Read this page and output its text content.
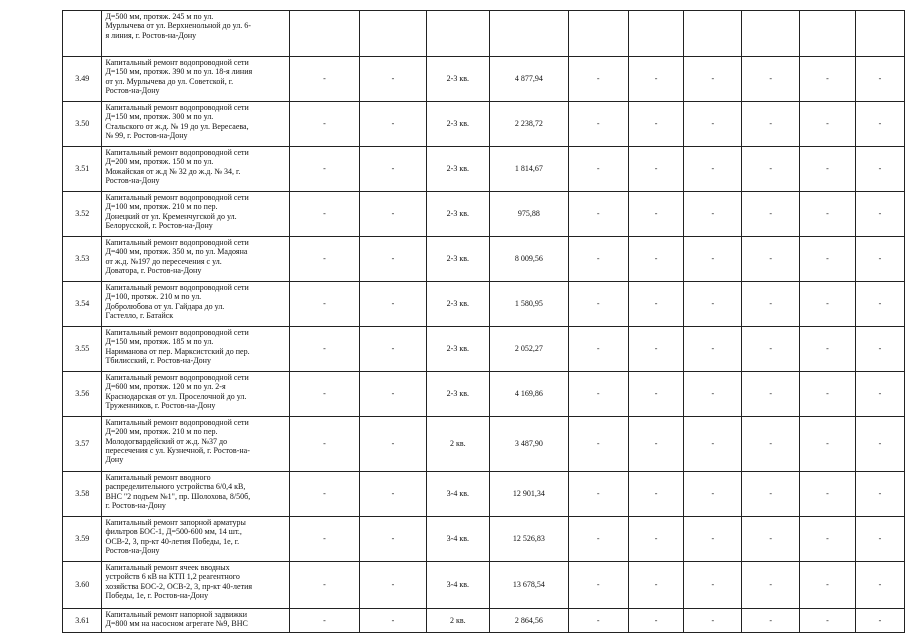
	Д=500 мм, протяж. 245 м по ул.
Мурлычева от ул. Верхненольной до ул. 6-
я линия, г. Ростов-на-Дону										

3.49	Капитальный ремонт водопроводной сети
Д=150 мм, протяж. 390 м по ул. 18-я линия
от ул. Мурлычева до ул. Советской, г.
Ростов-на-Дону	-	-	2-3 кв.	4 877,94	-	-	-	-	-	-
3.50	Капитальный ремонт водопроводной сети
Д=150 мм, протяж. 300 м по ул.
Стальского от ж.д. № 19 до ул. Вересаева,
№ 99, г. Ростов-на-Дону	-	-	2-3 кв.	2 238,72	-	-	-	-	-	-
3.51	Капитальный ремонт водопроводной сети
Д=200 мм, протяж. 150 м по ул.
Можайская от ж.д № 32 до ж.д. № 34, г.
Ростов-на-Дону	-	-	2-3 кв.	1 814,67	-	-	-	-	-	-
3.52	Капитальный ремонт водопроводной сети
Д=100 мм, протяж. 210 м по пер.
Донецкий от ул. Кременчугской до ул.
Белорусской, г. Ростов-на-Дону	-	-	2-3 кв.	975,88	-	-	-	-	-	-
3.53	Капитальный ремонт водопроводной сети
Д=400 мм, протяж. 350 м, по ул. Мадояна
от ж.д. №197 до пересечения с ул.
Доватора, г. Ростов-на-Дону	-	-	2-3 кв.	8 009,56	-	-	-	-	-	-
3.54	Капитальный ремонт водопроводной сети
Д=100, протяж. 210 м по ул.
Добролюбова от ул. Гайдара до ул.
Гастелло, г. Батайск	-	-	2-3 кв.	1 580,95	-	-	-	-	-	-
3.55	Капитальный ремонт водопроводной сети
Д=150 мм, протяж. 185 м по ул.
Нариманова от пер. Марксистский до пер.
Тбилисский, г. Ростов-на-Дону	-	-	2-3 кв.	2 052,27	-	-	-	-	-	-
3.56	Капитальный ремонт водопроводной сети
Д=600 мм, протяж. 120 м по ул. 2-я
Краснодарская от ул. Проселочной до ул.
Труженников, г. Ростов-на-Дону	-	-	2-3 кв.	4 169,86	-	-	-	-	-	-
3.57	Капитальный ремонт водопроводной сети
Д=200 мм, протяж. 210 м по пер.
Молодогвардейский от ж.д. №37 до
пересечения с ул. Кузнечной, г. Ростов-на-
Дону	-	-	2 кв.	3 487,90	-	-	-	-	-	-
3.58	Капитальный ремонт вводного
распределительного устройства 6/0,4 кВ,
ВНС "2 подъем №1", пр. Шолохова, 8/50б,
г. Ростов-на-Дону	-	-	3-4 кв.	12 901,34	-	-	-	-	-	-
3.59	Капитальный ремонт запорной арматуры
фильтров БОС-1, Д=500-600 мм, 14 шт.,
ОСВ-2, 3, пр-кт 40-летия Победы, 1е, г.
Ростов-на-Дону	-	-	3-4 кв.	12 526,83	-	-	-	-	-	-
3.60	Капитальный ремонт ячеек вводных
устройств 6 кВ на КТП 1,2 реагентного
хозяйства БОС-2, ОСВ-2, 3, пр-кт 40-летия
Победы, 1е, г. Ростов-на-Дону	-	-	3-4 кв.	13 678,54	-	-	-	-	-	-
3.61	Капитальный ремонт напорной задвижки
Д=800 мм на насосном агрегате №9, ВНС	-	-	2 кв.	2 864,56	-	-	-	-	-	-
